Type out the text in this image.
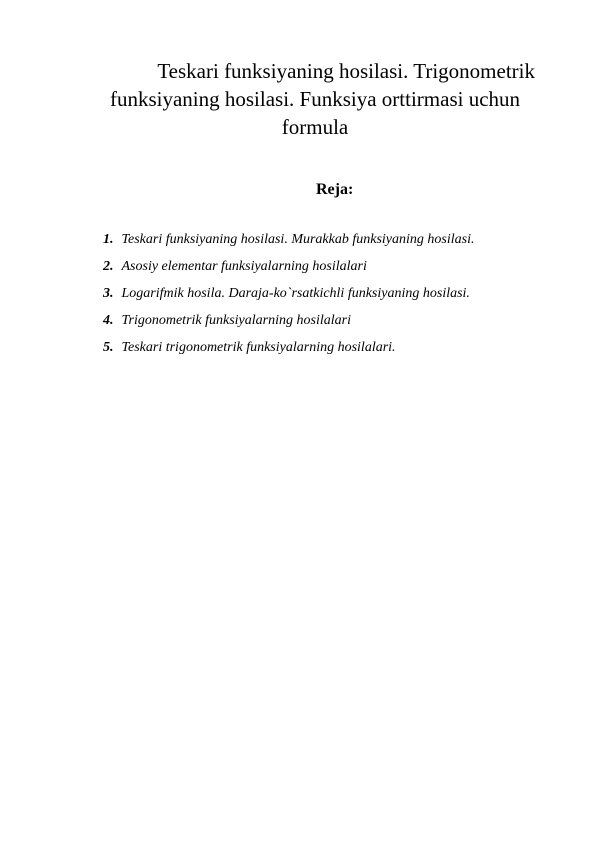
Teskari funksiyaning hosilasi. Trigonometrik
funksiyaning hosilasi. Funksiya orttirmasi uchun
formula
Reja:
1. Teskari funksiyaning hosilasi. Murakkab funksiyaning hosilasi.
2. Asosiy elementar funksiyalarning hosilalari
3. Logarifmik hosila. Daraja-ko`rsatkichli funksiyaning hosilasi.
4. Trigonometrik funksiyalarning hosilalari
5. Teskari trigonometrik funksiyalarning hosilalari.
